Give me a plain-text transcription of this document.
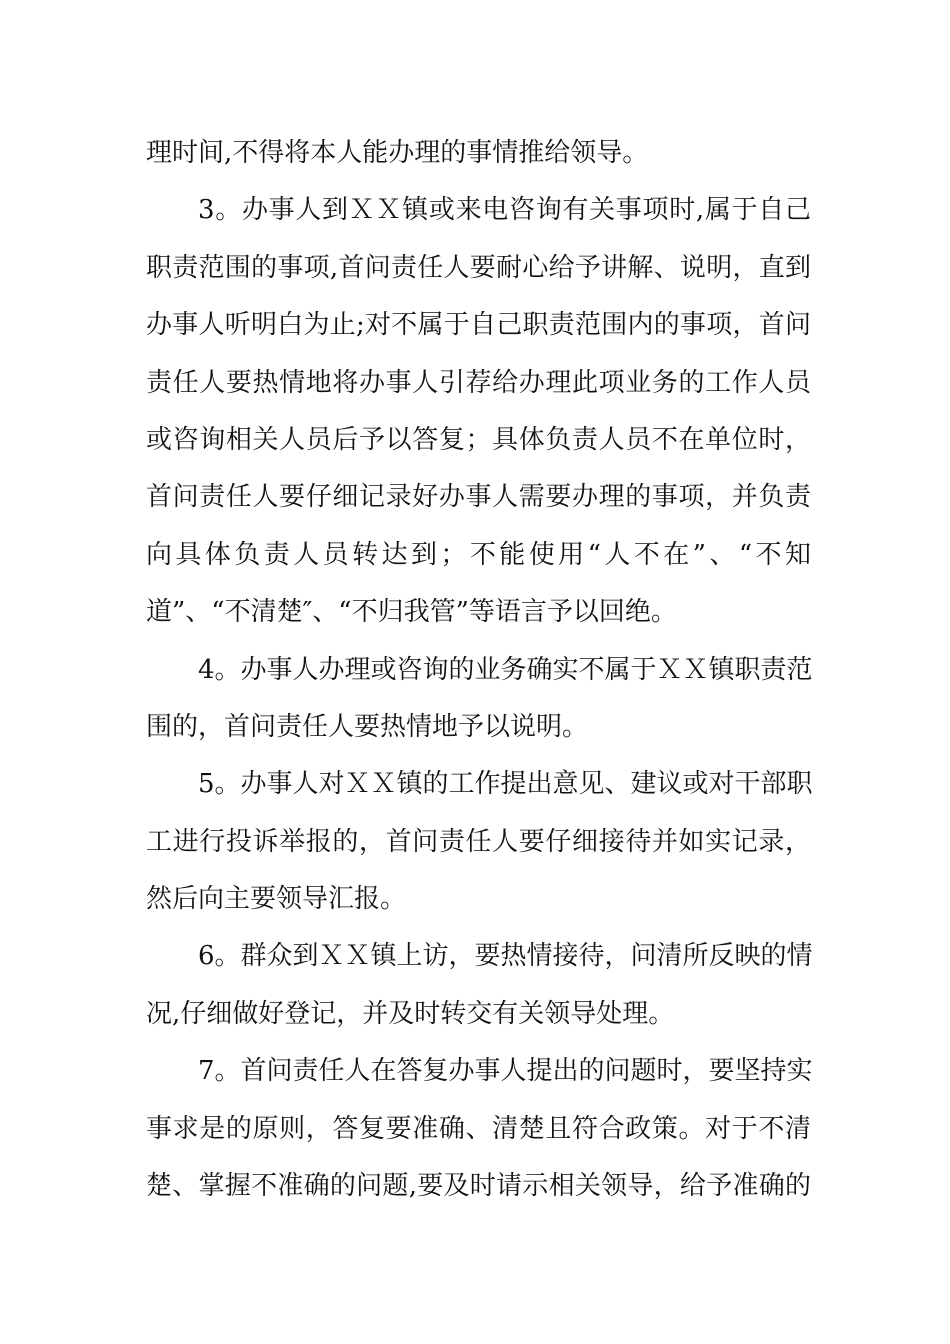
理时间,不得将本人能办理的事情推给领导。
3。办事人到ＸＸ镇或来电咨询有关事项时,属于自己
职责范围的事项,首问责任人要耐心给予讲解、说明，直到
办事人听明白为止;对不属于自己职责范围内的事项，首问
责任人要热情地将办事人引荐给办理此项业务的工作人员
或咨询相关人员后予以答复；具体负责人员不在单位时，
首问责任人要仔细记录好办事人需要办理的事项，并负责
向具体负责人员转达到；不能使用“人不在”、“不知
道”、“不清楚″、“不归我管”等语言予以回绝。
4。办事人办理或咨询的业务确实不属于ＸＸ镇职责范
围的，首问责任人要热情地予以说明。
5。办事人对ＸＸ镇的工作提出意见、建议或对干部职
工进行投诉举报的，首问责任人要仔细接待并如实记录，
然后向主要领导汇报。
6。群众到ＸＸ镇上访，要热情接待，问清所反映的情
况,仔细做好登记，并及时转交有关领导处理。
7。首问责任人在答复办事人提出的问题时，要坚持实
事求是的原则，答复要准确、清楚且符合政策。对于不清
楚、掌握不准确的问题,要及时请示相关领导，给予准确的
